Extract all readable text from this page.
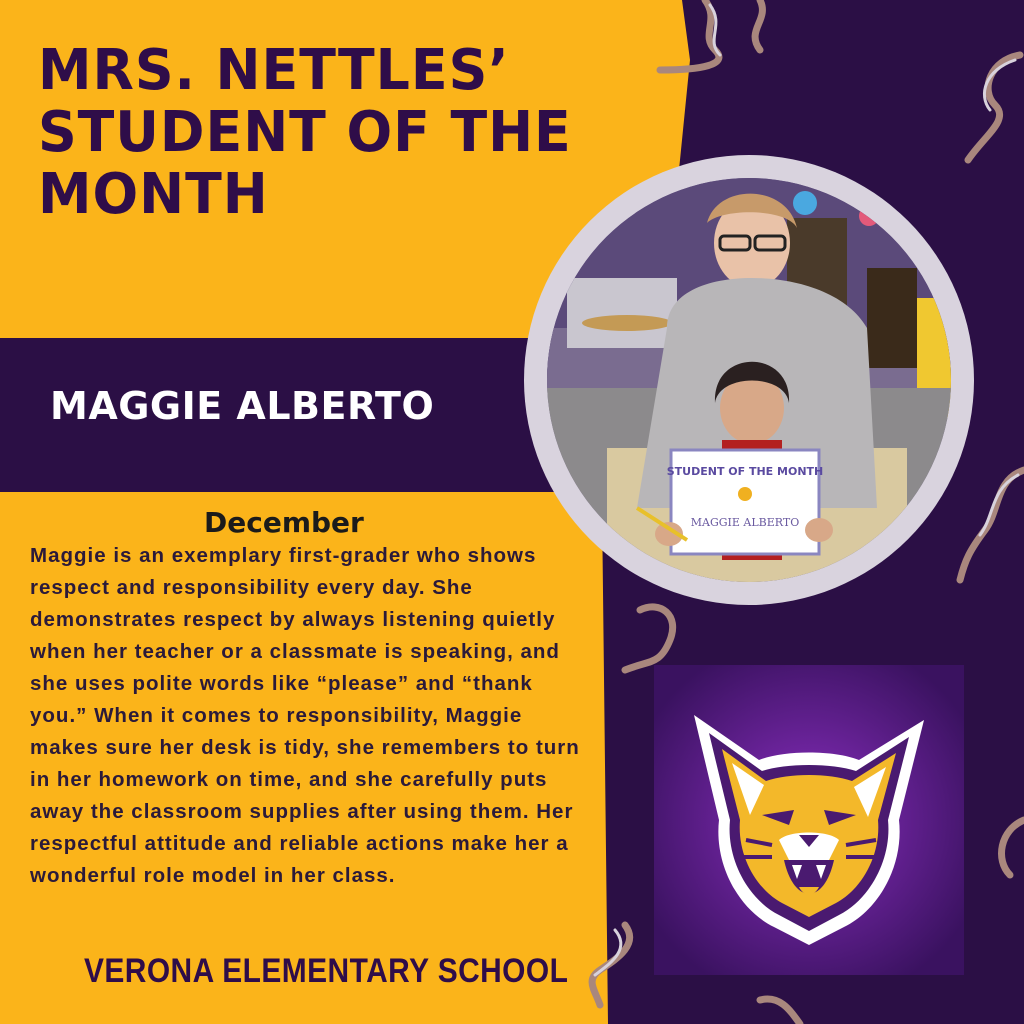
MRS. NETTLES’
STUDENT OF THE
MONTH

MAGGIE ALBERTO

December

Maggie is an exemplary first-grader who shows respect and responsibility every day. She demonstrates respect by always listening quietly when her teacher or a classmate is speaking, and she uses polite words like “please” and “thank you.” When it comes to responsibility, Maggie makes sure her desk is tidy, she remembers to turn in her homework on time, and she carefully puts away the classroom supplies after using them. Her respectful attitude and reliable actions make her a wonderful role model in her class.

VERONA ELEMENTARY SCHOOL

STUDENT OF THE MONTH
MAGGIE ALBERTO
